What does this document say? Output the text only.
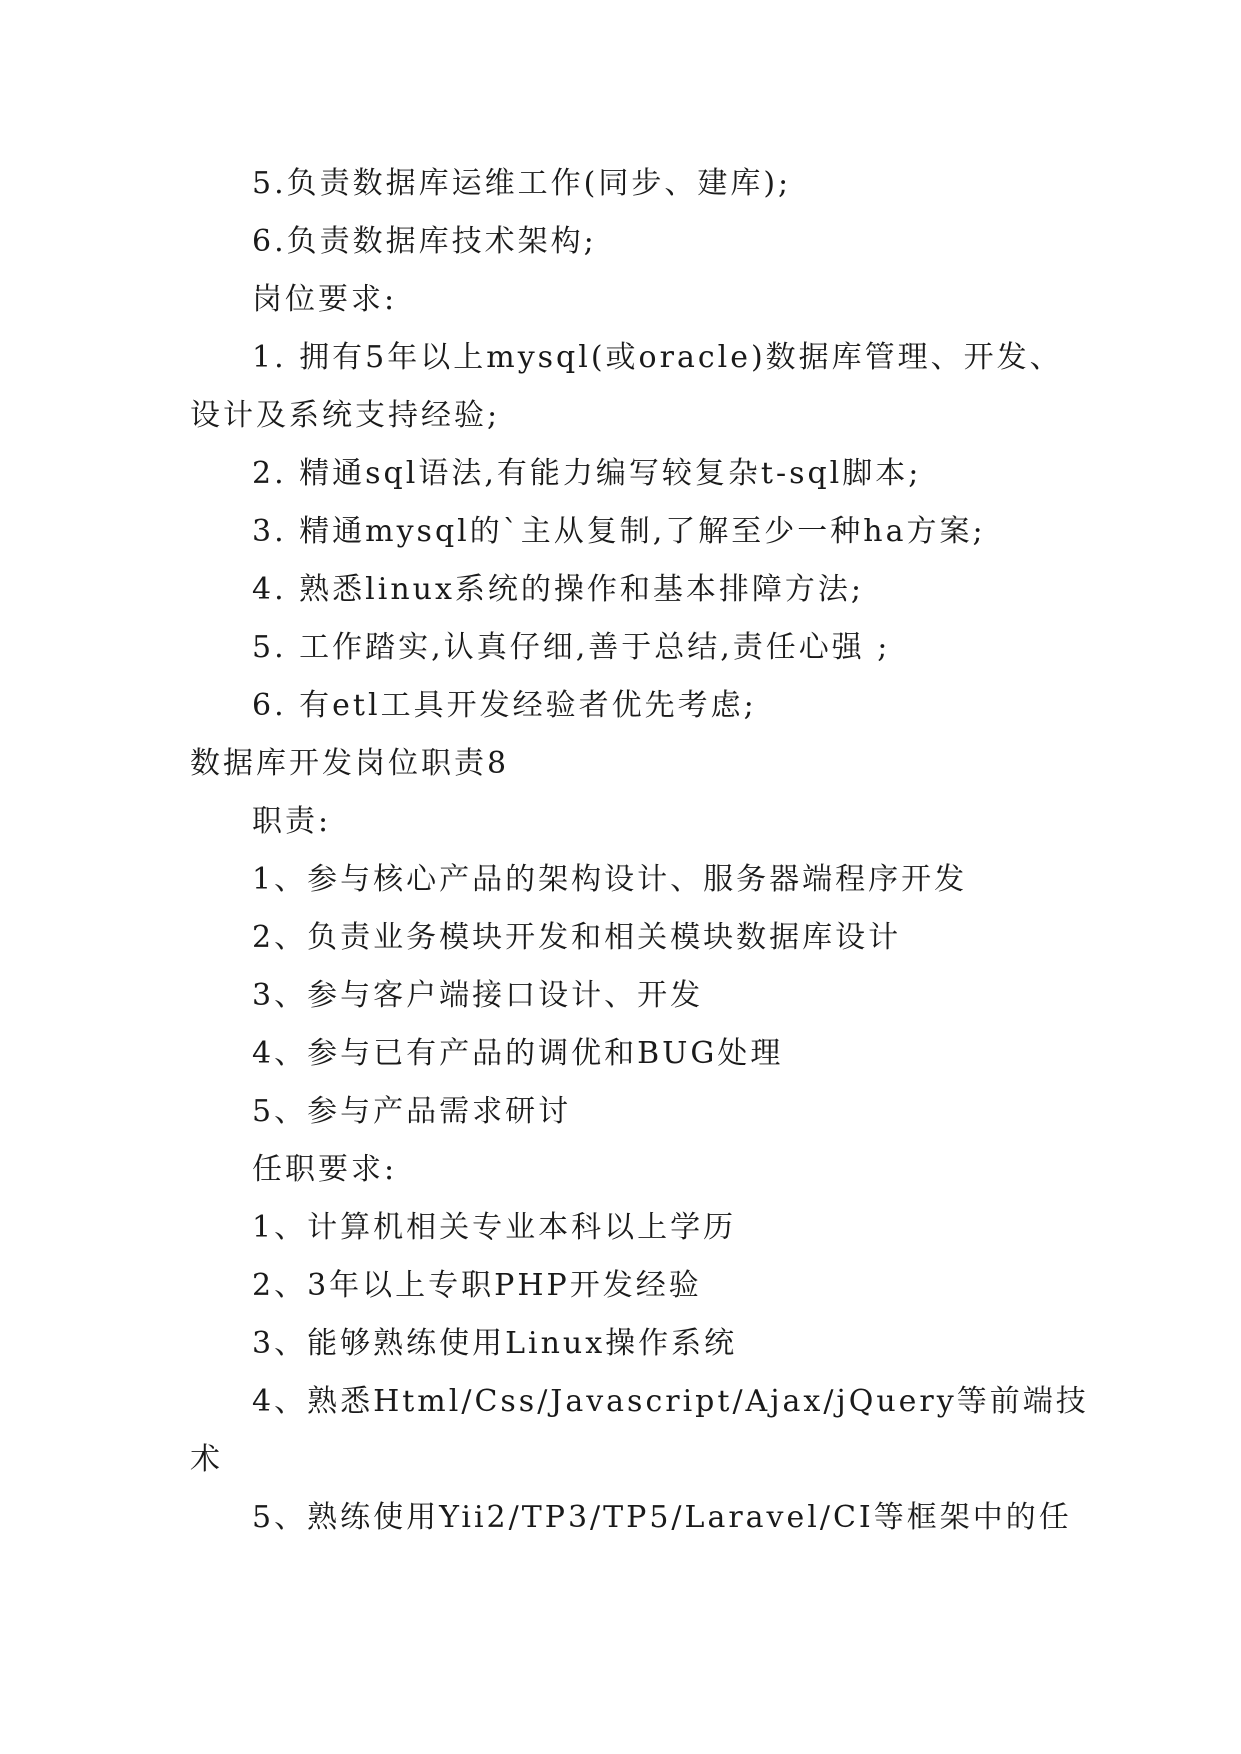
5.负责数据库运维工作(同步、建库);
6.负责数据库技术架构;
岗位要求:
1. 拥有5年以上mysql(或oracle)数据库管理、开发、
设计及系统支持经验;
2. 精通sql语法,有能力编写较复杂t-sql脚本;
3. 精通mysql的`主从复制,了解至少一种ha方案;
4. 熟悉linux系统的操作和基本排障方法;
5. 工作踏实,认真仔细,善于总结,责任心强 ;
6. 有etl工具开发经验者优先考虑;
数据库开发岗位职责8
职责:
1、参与核心产品的架构设计、服务器端程序开发
2、负责业务模块开发和相关模块数据库设计
3、参与客户端接口设计、开发
4、参与已有产品的调优和BUG处理
5、参与产品需求研讨
任职要求:
1、计算机相关专业本科以上学历
2、3年以上专职PHP开发经验
3、能够熟练使用Linux操作系统
4、熟悉Html/Css/Javascript/Ajax/jQuery等前端技
术
5、熟练使用Yii2/TP3/TP5/Laravel/CI等框架中的任
